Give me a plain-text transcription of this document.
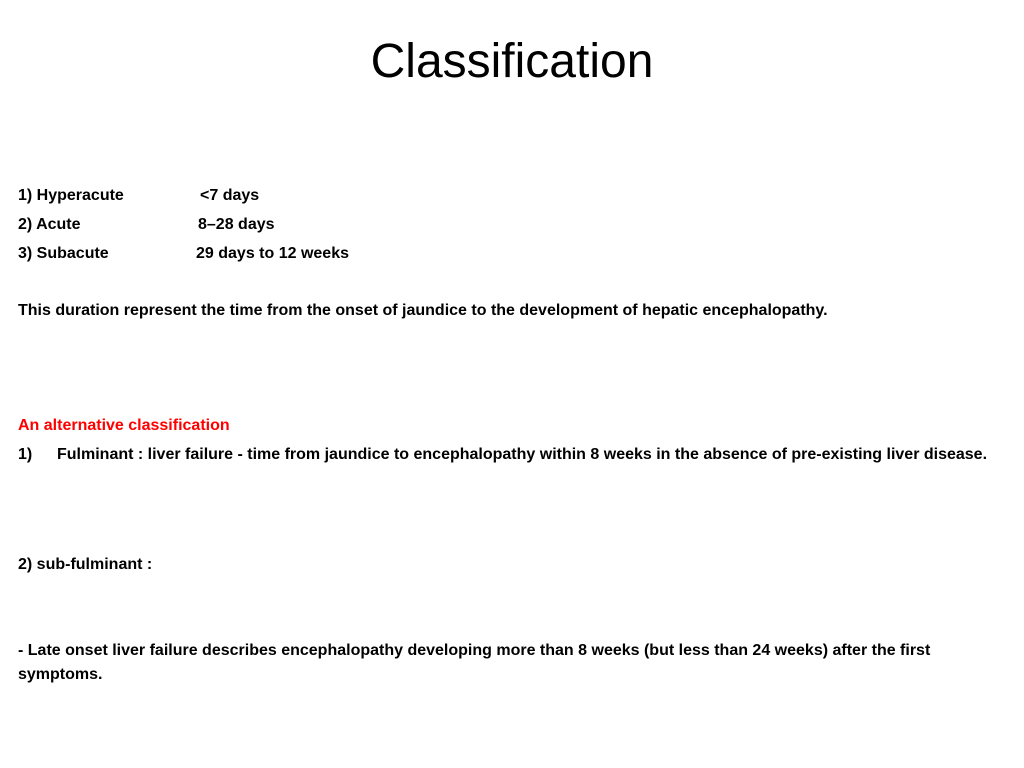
Classification
1) Hyperacute	<7 days
2) Acute	8–28 days
3) Subacute	29 days to 12 weeks
This duration represent the time from the onset of jaundice to the development of hepatic encephalopathy.
An alternative classification
1) Fulminant : liver failure - time from jaundice to encephalopathy within 8 weeks in the absence of pre-existing liver disease.
2) sub-fulminant :
- Late onset liver failure describes encephalopathy developing more than 8 weeks (but less than 24 weeks) after the first symptoms.
